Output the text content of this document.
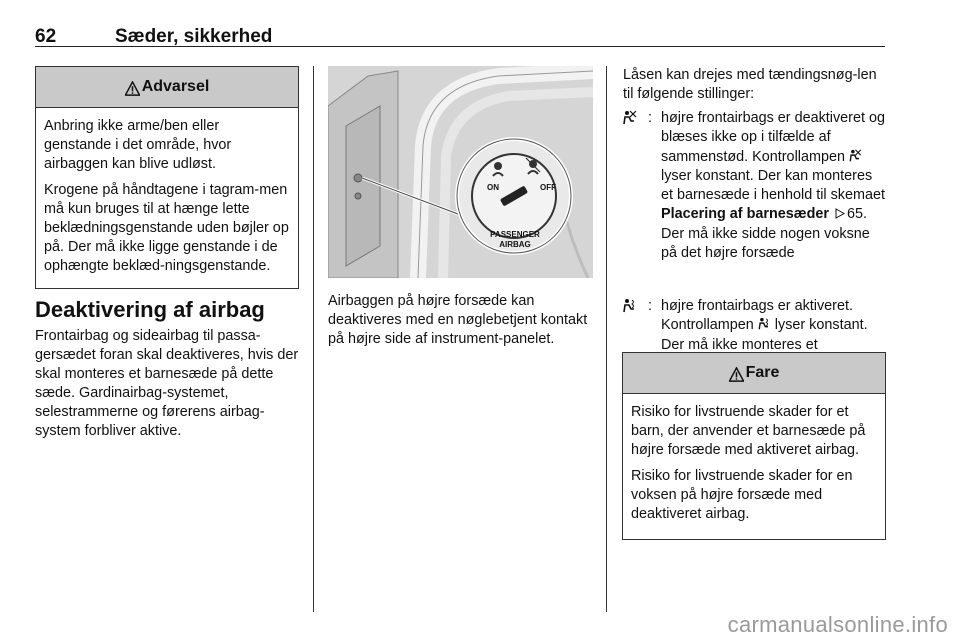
62	Sæder, sikkerhed
Advarsel

Anbring ikke arme/ben eller genstande i det område, hvor airbaggen kan blive udløst.

Krogene på håndtagene i tagram-men må kun bruges til at hænge lette beklædningsgenstande uden bøjler op på. Der må ikke ligge genstande i de ophængte beklæd-ningsgenstande.

Deaktivering af airbag
Frontairbag og sideairbag til passa-gersædet foran skal deaktiveres, hvis der skal monteres et barnesæde på dette sæde. Gardinairbag-systemet, selestrammerne og førerens airbag-system forbliver aktive.
ON	OFF
PASSENGER
AIRBAG
Airbaggen på højre forsæde kan deaktiveres med en nøglebetjent kontakt på højre side af instrument-panelet.
Låsen kan drejes med tændingsnøg-len til følgende stillinger:
: højre frontairbags er deaktiveret og blæses ikke op i tilfælde af sammenstød. Kontrollampen  lyser konstant. Der kan monteres et barnesæde i henhold til skemaet Placering af barnesæder 65. Der må ikke sidde nogen voksne på det højre forsæde
: højre frontairbags er aktiveret. Kontrollampen lyser konstant. Der må ikke monteres et
Fare

Risiko for livstruende skader for et barn, der anvender et barnesæde på højre forsæde med aktiveret airbag.

Risiko for livstruende skader for en voksen på højre forsæde med deaktiveret airbag.

carmanualsonline.info
